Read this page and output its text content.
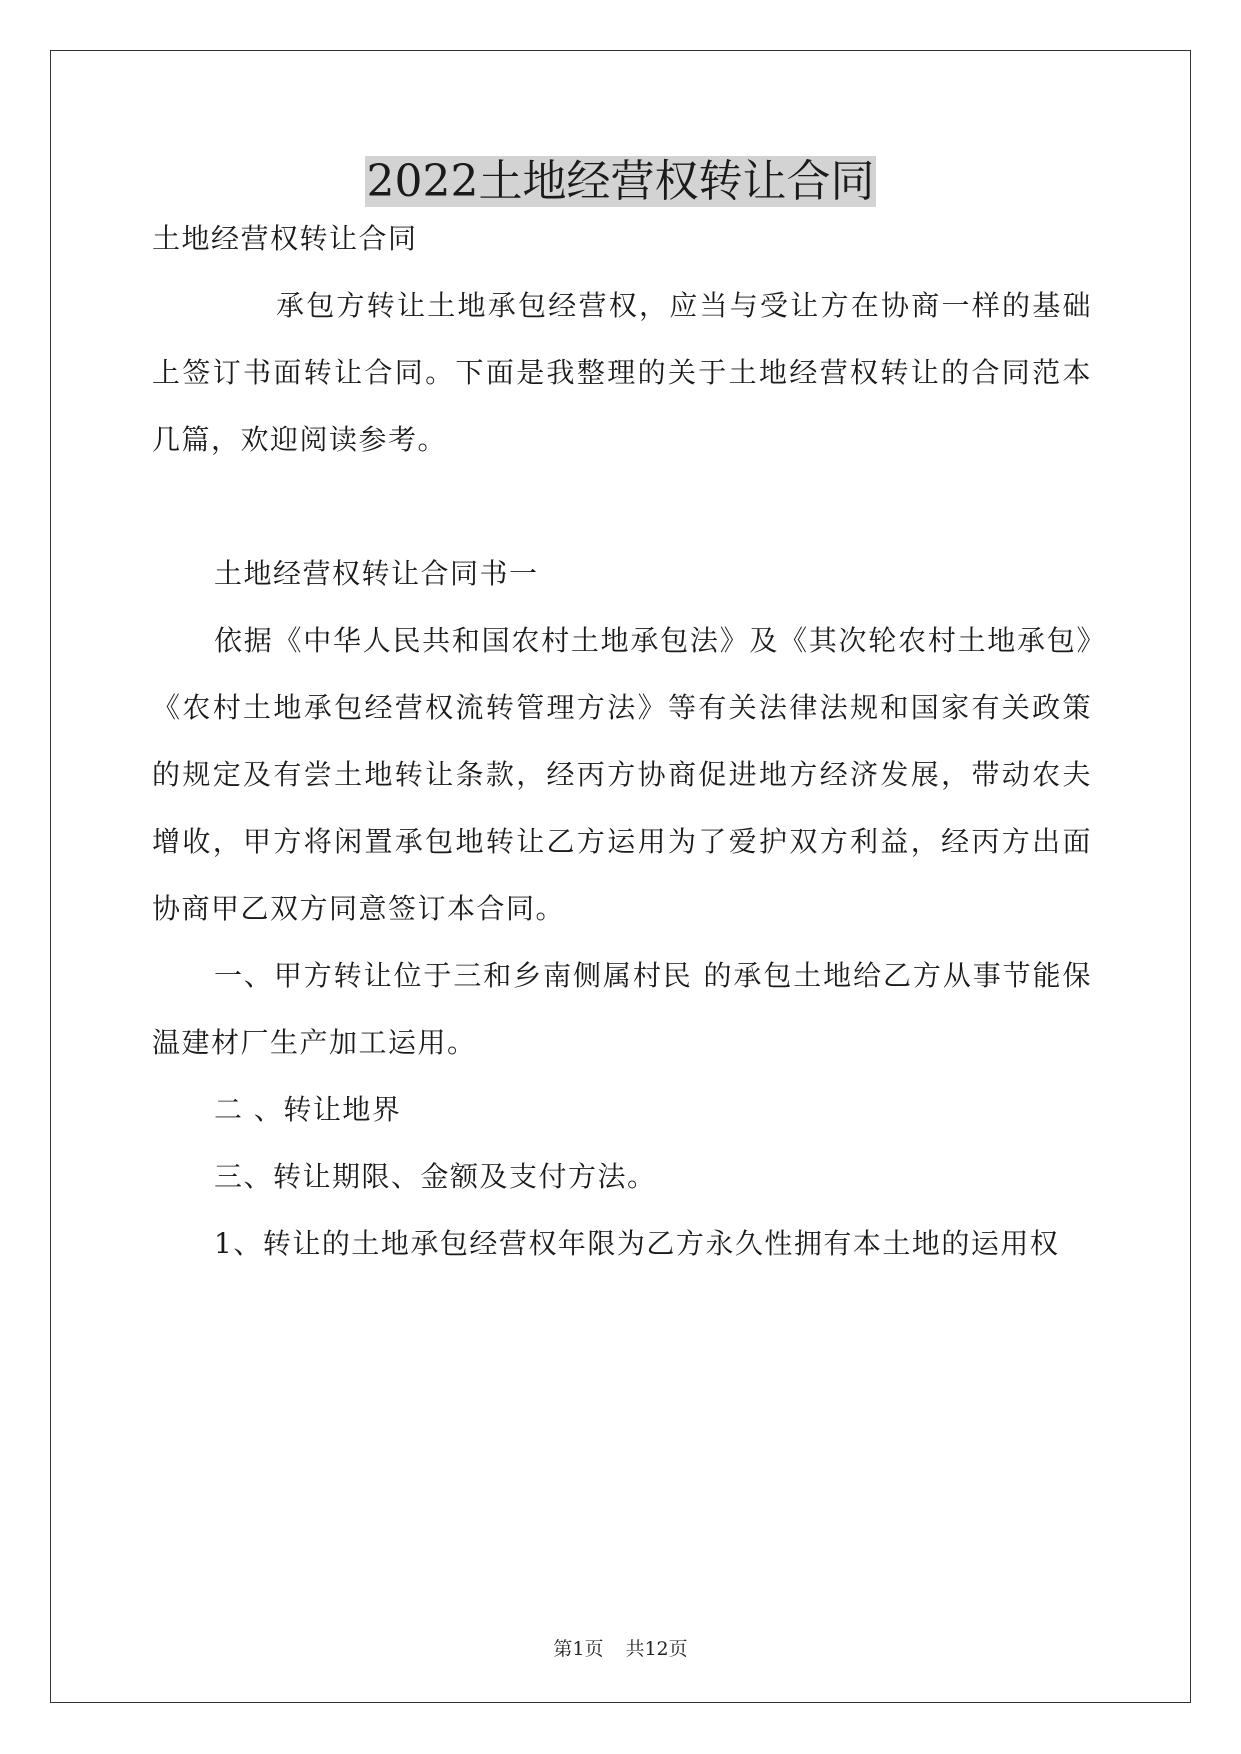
2022土地经营权转让合同

土地经营权转让合同

承包方转让土地承包经营权，应当与受让方在协商一样的基础上签订书面转让合同。下面是我整理的关于土地经营权转让的合同范本几篇，欢迎阅读参考。

土地经营权转让合同书一

依据《中华人民共和国农村土地承包法》及《其次轮农村土地承包》《农村土地承包经营权流转管理方法》等有关法律法规和国家有关政策的规定及有尝土地转让条款，经丙方协商促进地方经济发展，带动农夫增收，甲方将闲置承包地转让乙方运用为了爱护双方利益，经丙方出面协商甲乙双方同意签订本合同。

一、甲方转让位于三和乡南侧属村民 的承包土地给乙方从事节能保温建材厂生产加工运用。

二 、转让地界

三、转让期限、金额及支付方法。

1、转让的土地承包经营权年限为乙方永久性拥有本土地的运用权

第1页 共12页
